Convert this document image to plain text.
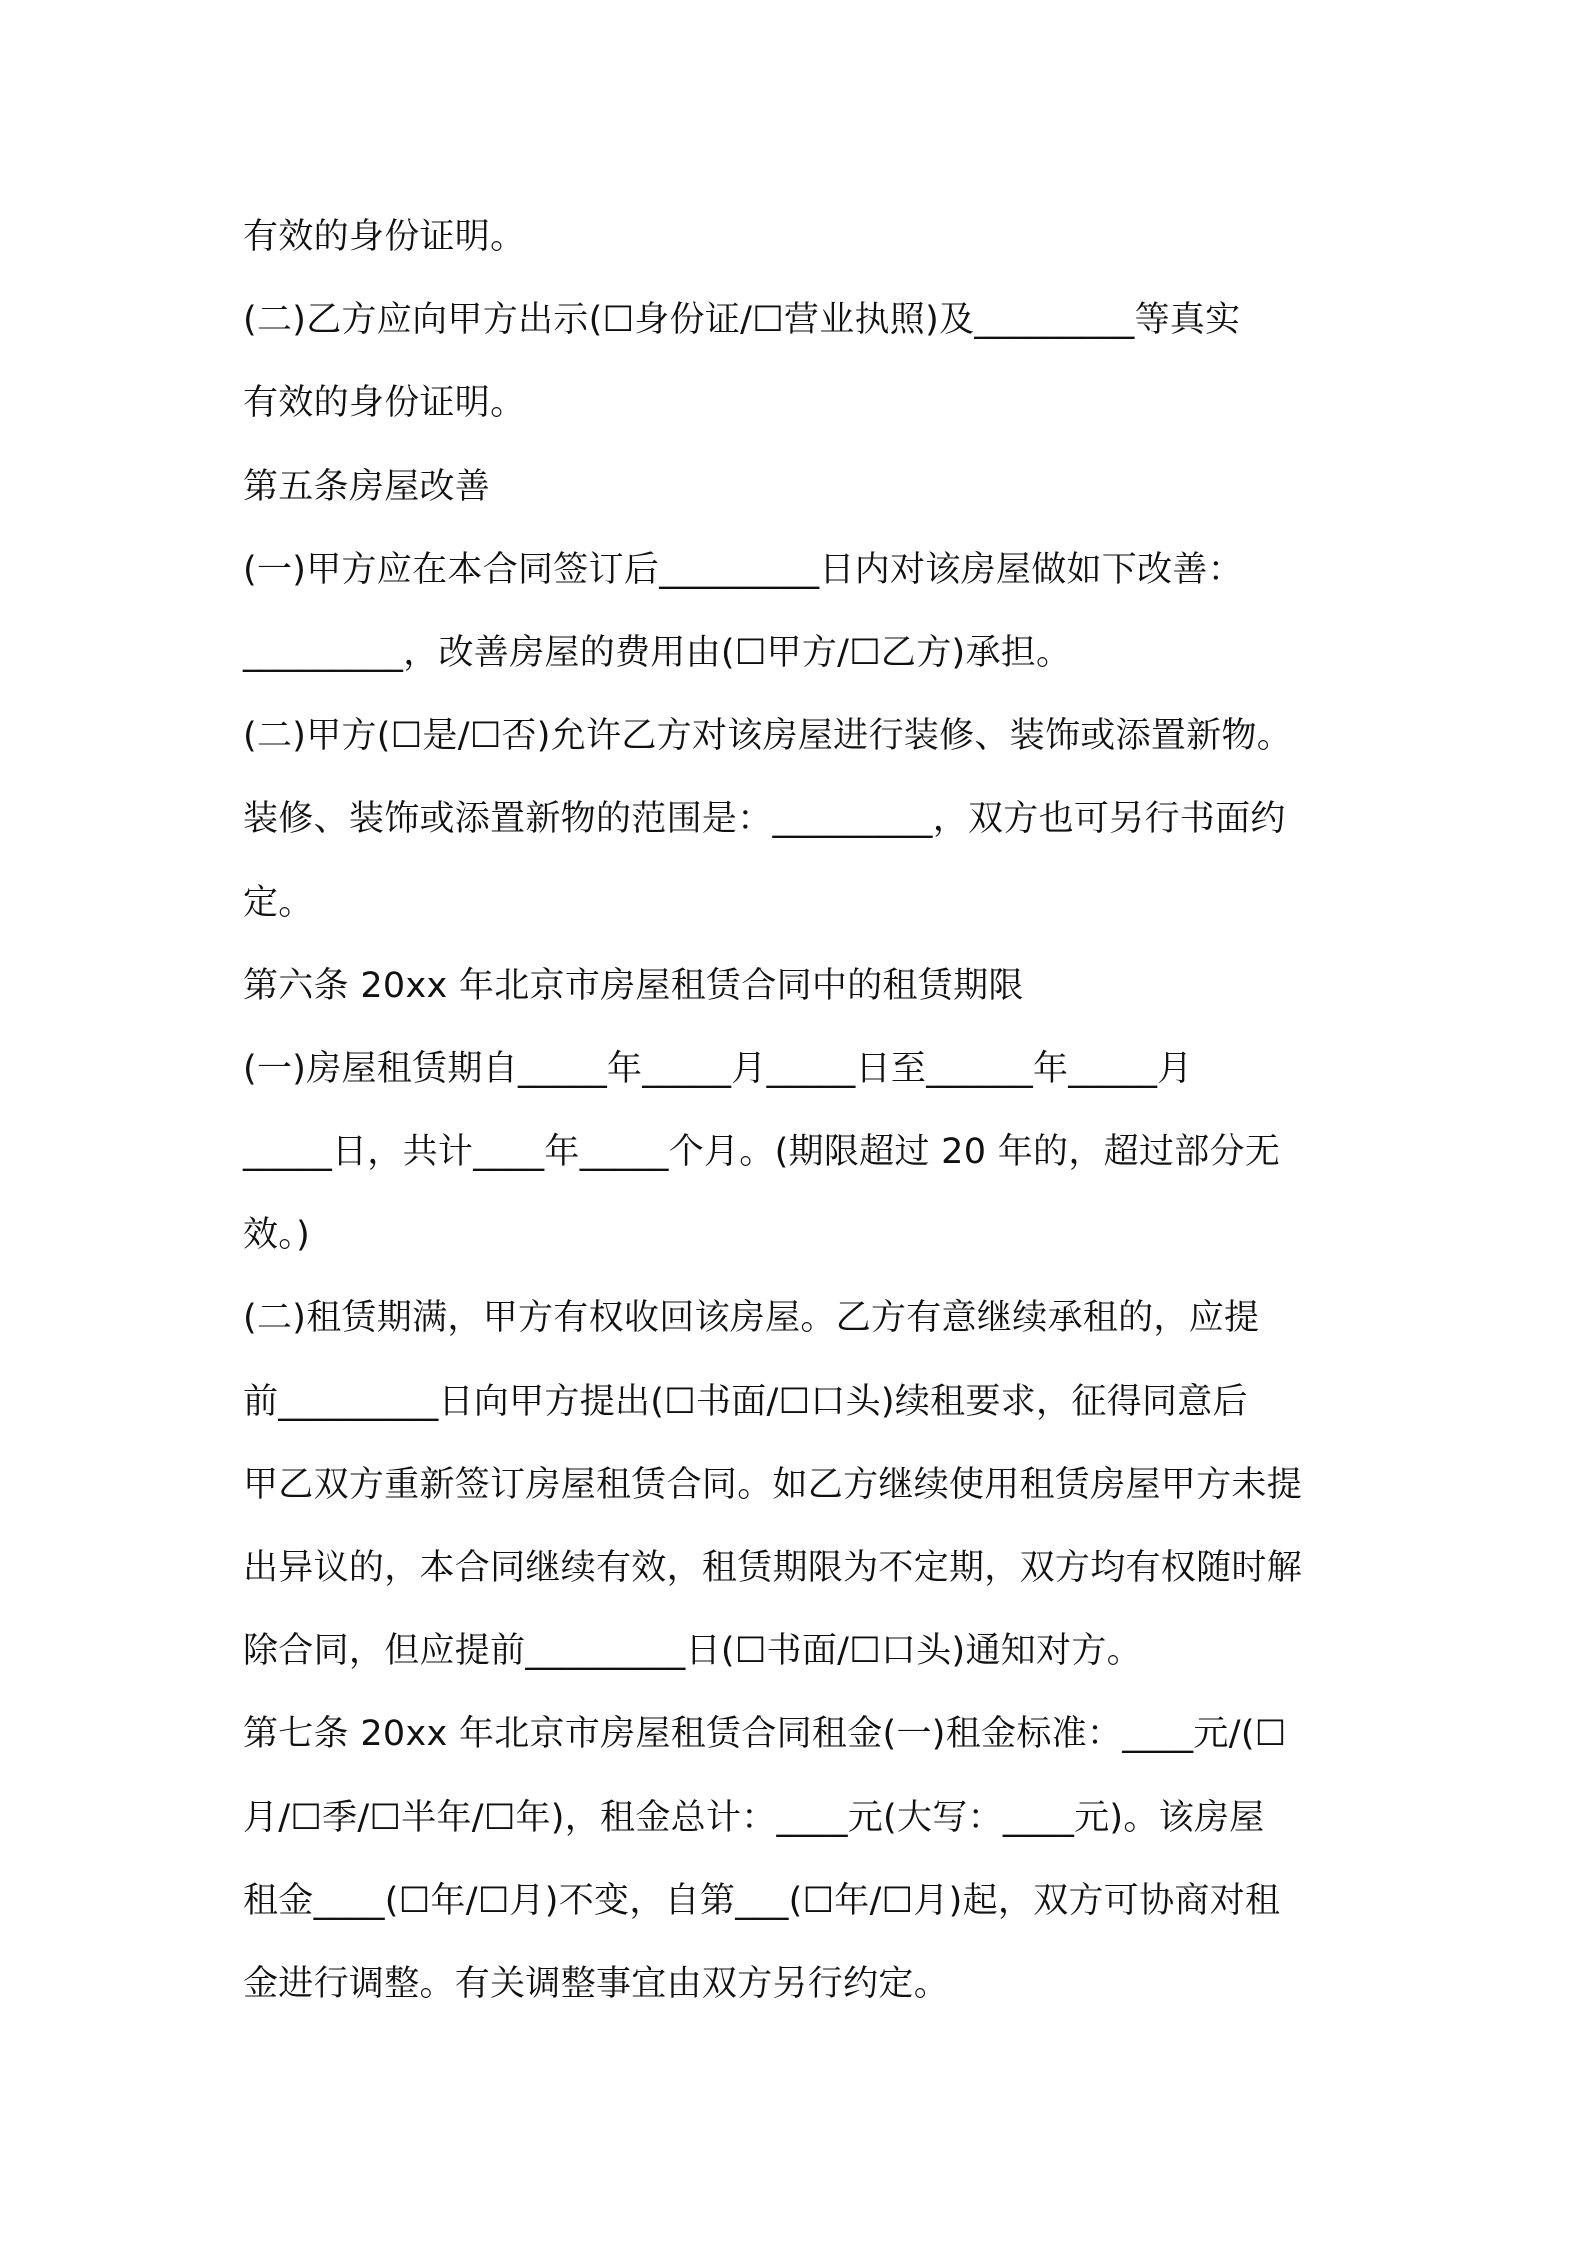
有效的身份证明。
(二)乙方应向甲方出示(☐身份证/☐营业执照)及_________等真实
有效的身份证明。
第五条房屋改善
(一)甲方应在本合同签订后_________日内对该房屋做如下改善：
_________，改善房屋的费用由(☐甲方/☐乙方)承担。
(二)甲方(☐是/☐否)允许乙方对该房屋进行装修、装饰或添置新物。
装修、装饰或添置新物的范围是：_________，双方也可另行书面约
定。
第六条 20xx 年北京市房屋租赁合同中的租赁期限
(一)房屋租赁期自_____年_____月_____日至______年_____月
_____日，共计____年_____个月。(期限超过 20 年的，超过部分无
效。)
(二)租赁期满，甲方有权收回该房屋。乙方有意继续承租的，应提
前_________日向甲方提出(☐书面/☐口头)续租要求，征得同意后
甲乙双方重新签订房屋租赁合同。如乙方继续使用租赁房屋甲方未提
出异议的，本合同继续有效，租赁期限为不定期，双方均有权随时解
除合同，但应提前_________日(☐书面/☐口头)通知对方。
第七条 20xx 年北京市房屋租赁合同租金(一)租金标准：____元/(☐
月/☐季/☐半年/☐年)，租金总计：____元(大写：____元)。该房屋
租金____(☐年/☐月)不变，自第___(☐年/☐月)起，双方可协商对租
金进行调整。有关调整事宜由双方另行约定。
